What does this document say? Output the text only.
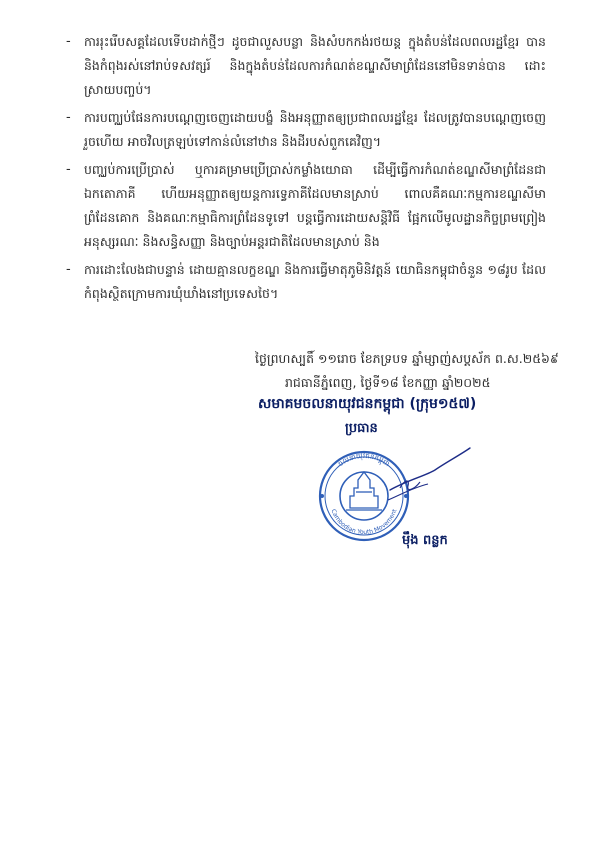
- ការរុះរើបសគ្គដែលទើបដាក់ថ្មីៗ ដូចជាលួសបន្លា និងសំបកកង់រថយន្ត ក្នុងតំបន់ដែលពលរដ្ឋខ្មែរ បាន និងកំពុងរស់នៅរាប់ទសវត្សរ៍ និងក្នុងតំបន់ដែលការកំណត់ខណ្ឌសីមាព្រំដែននៅមិនទាន់បាន ដោះស្រាយបញ្ចប់។
- ការបញ្ឈប់ផែនការបណ្តេញចេញដោយបង្ខំ និងអនុញ្ញាតឲ្យប្រជាពលរដ្ឋខ្មែរ ដែលត្រូវបានបណ្តេញចេញរួចហើយ អាចវិលត្រឡប់ទៅកាន់លំនៅឋាន និងដីរបស់ពួកគេវិញ។
- បញ្ឈប់ការប្រើប្រាស់ ឬការគម្រាមប្រើប្រាស់កម្លាំងយោធា ដើម្បីធ្វើការកំណត់ខណ្ឌសីមាព្រំដែនជា ឯកតោភាគី ហើយអនុញ្ញាតឲ្យយន្តការទ្វេភាគីដែលមានស្រាប់ ពោលគឺគណៈកម្មការខណ្ឌសីមាព្រំដែនគោក និងគណៈកម្មាធិការព្រំដែនទូទៅ បន្តធ្វើការដោយសន្តិវិធី ផ្អែកលើមូលដ្ឋានកិច្ចព្រមព្រៀងអនុស្សរណៈ និងសន្ធិសញ្ញា និងច្បាប់អន្តរជាតិដែលមានស្រាប់ និង
- ការដោះលែងជាបន្ទាន់ ដោយគ្មានលក្ខខណ្ឌ និងការធ្វើមាតុភូមិនិវត្តន៍ យោធិនកម្ពុជាចំនួន ១៨រូប ដែលកំពុងស្ថិតក្រោមការឃុំឃាំងនៅប្រទេសថៃ។
ថ្ងៃព្រហស្បតិ៍ ១១រោច ខែភទ្របទ ឆ្នាំម្សាញ់សប្តស័ក ព.ស.២៥៦៩
រាជធានីភ្នំពេញ, ថ្ងៃទី១៨ ខែកញ្ញា ឆ្នាំ២០២៥
សមាគមចលនាយុវជនកម្ពុជា (ក្រុម១៥៧)
ប្រធាន
ចលនាយុវជនកម្ពុជា
Cambodian Youth Movement
ម៉ឹង ពន្លក
